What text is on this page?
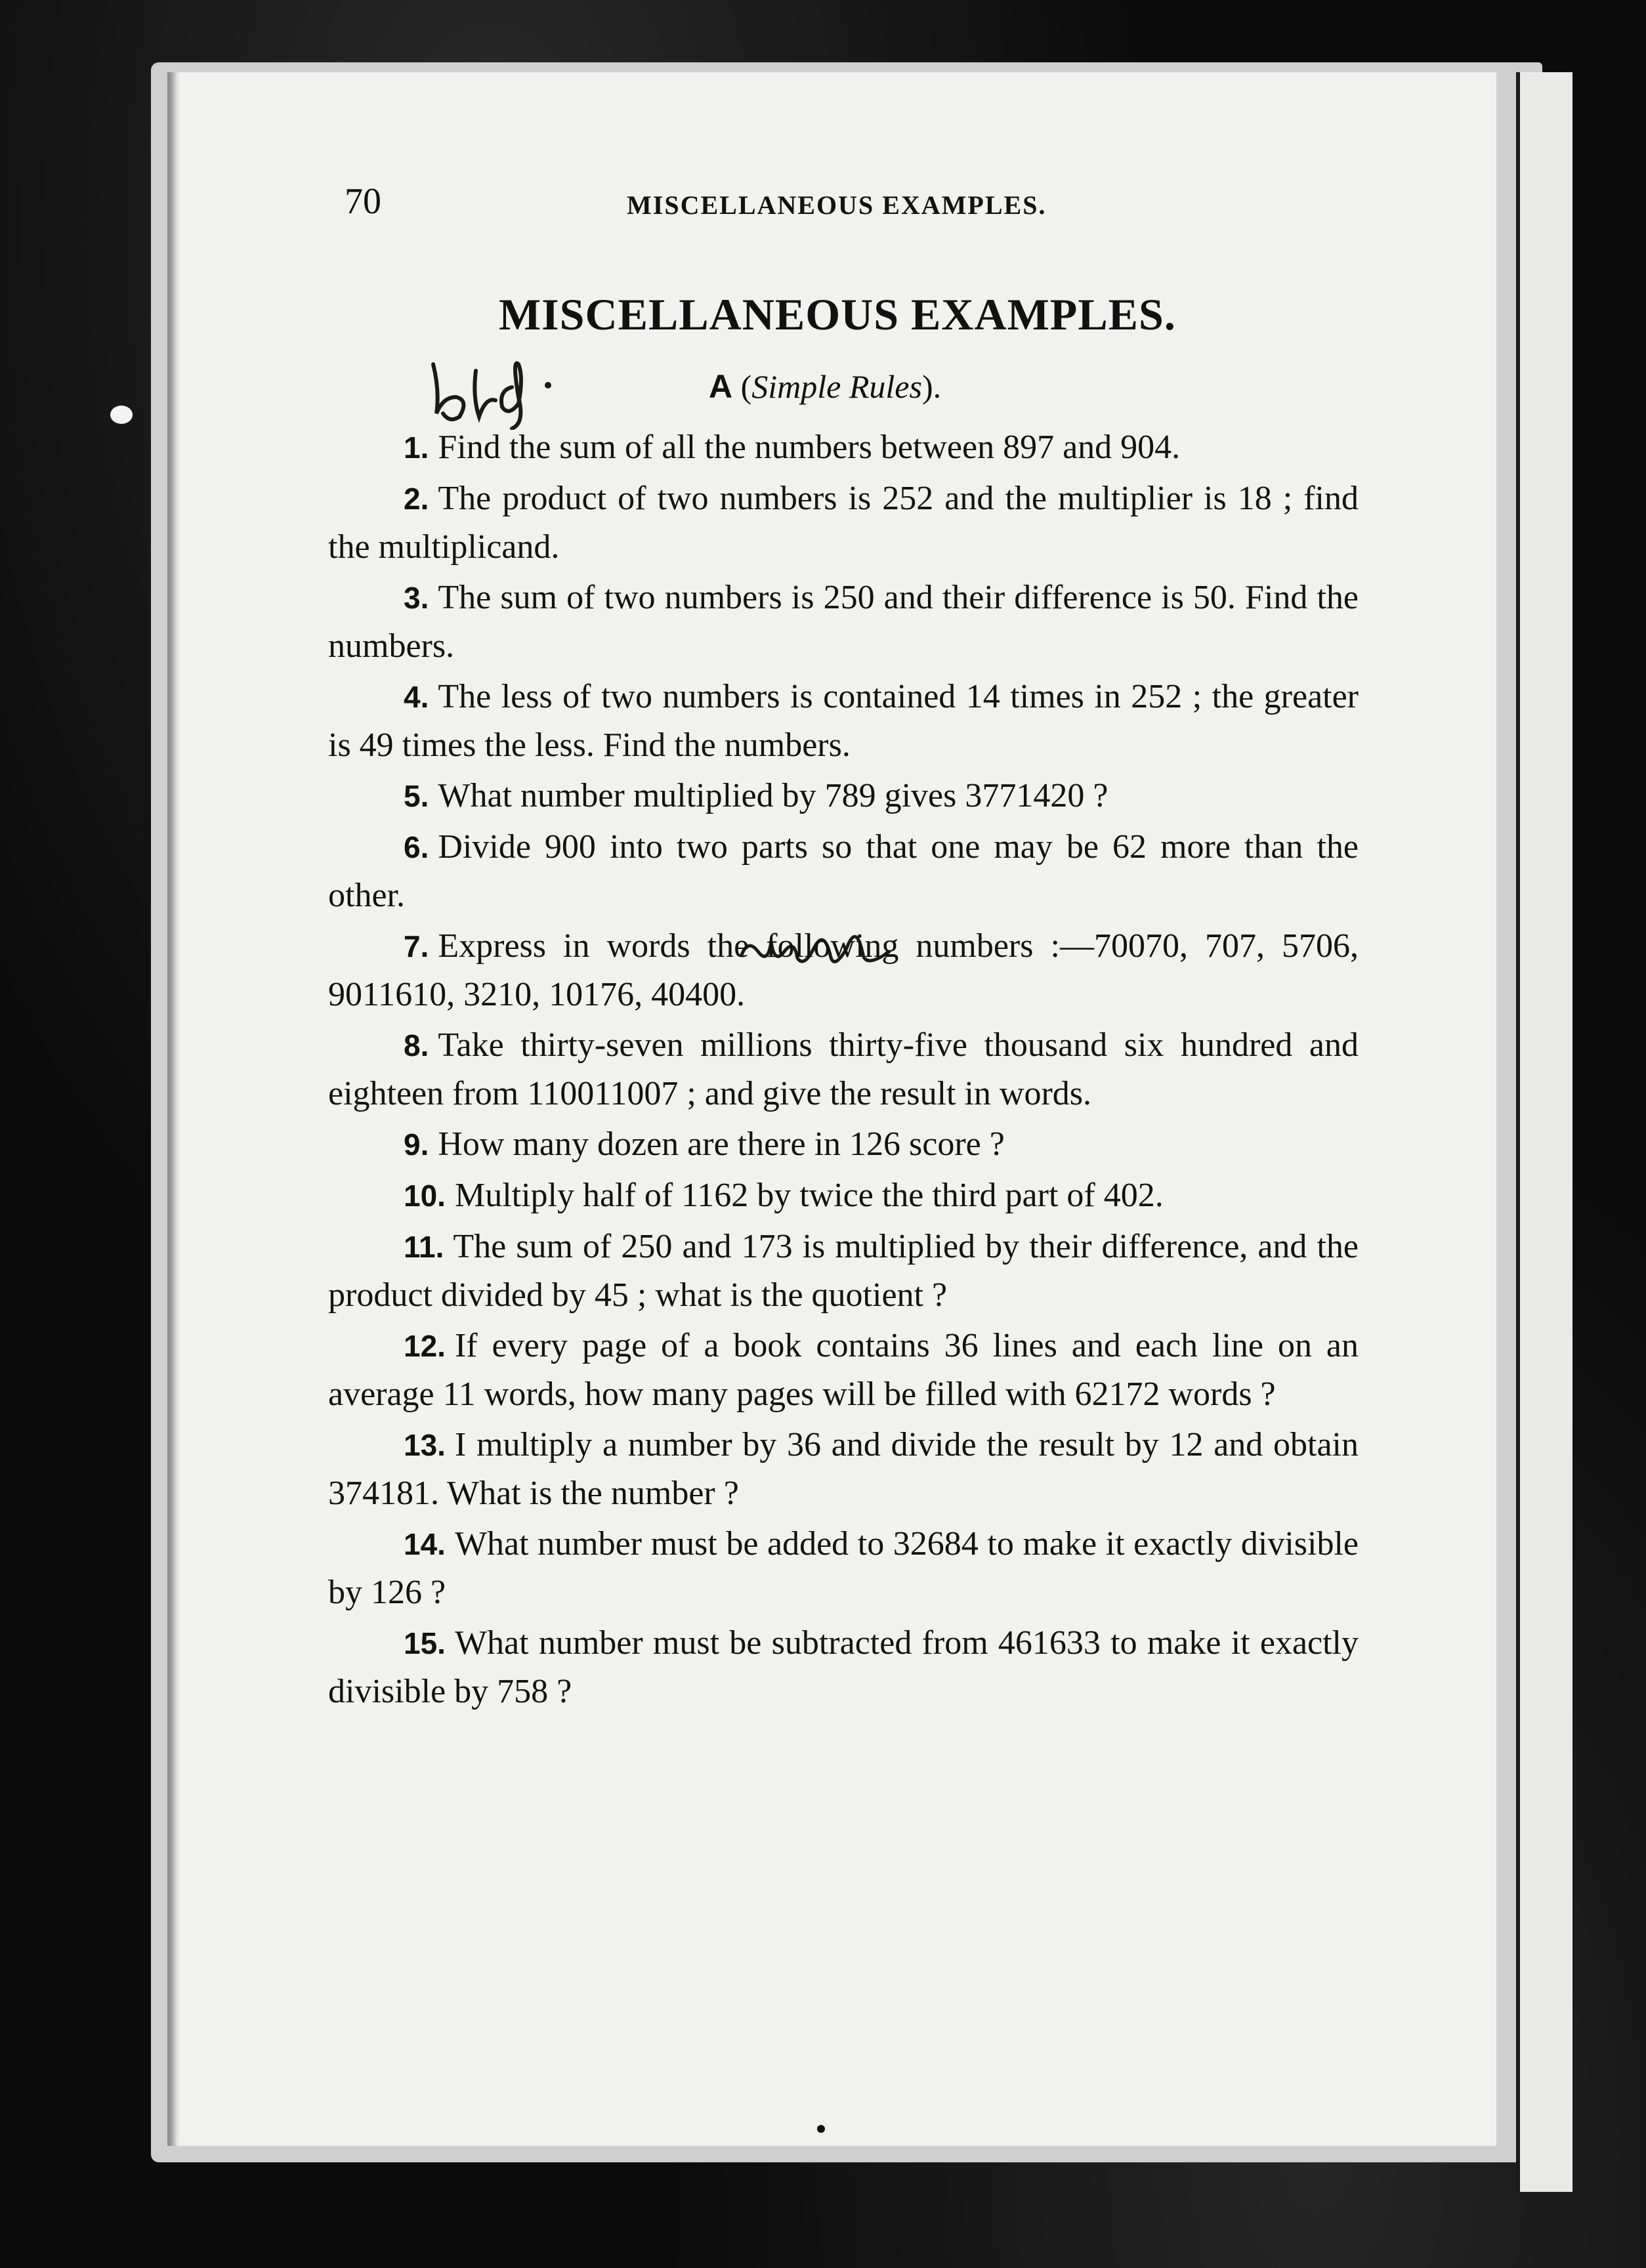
70	MISCELLANEOUS EXAMPLES.
MISCELLANEOUS EXAMPLES.
A (Simple Rules).

1. Find the sum of all the numbers between 897 and 904.

2. The product of two numbers is 252 and the multiplier is 18 ; find the multiplicand.

3. The sum of two numbers is 250 and their difference is 50. Find the numbers.

4. The less of two numbers is contained 14 times in 252 ; the greater is 49 times the less. Find the numbers.

5. What number multiplied by 789 gives 3771420 ?

6. Divide 900 into two parts so that one may be 62 more than the other.

7. Express in words the following numbers :—70070, 707, 5706, 9011610, 3210, 10176, 40400.

8. Take thirty-seven millions thirty-five thousand six hundred and eighteen from 110011007 ; and give the result in words.

9. How many dozen are there in 126 score ?

10. Multiply half of 1162 by twice the third part of 402.

11. The sum of 250 and 173 is multiplied by their difference, and the product divided by 45 ; what is the quotient ?

12. If every page of a book contains 36 lines and each line on an average 11 words, how many pages will be filled with 62172 words ?

13. I multiply a number by 36 and divide the result by 12 and obtain 374181. What is the number ?

14. What number must be added to 32684 to make it exactly divisible by 126 ?

15. What number must be subtracted from 461633 to make it exactly divisible by 758 ?
